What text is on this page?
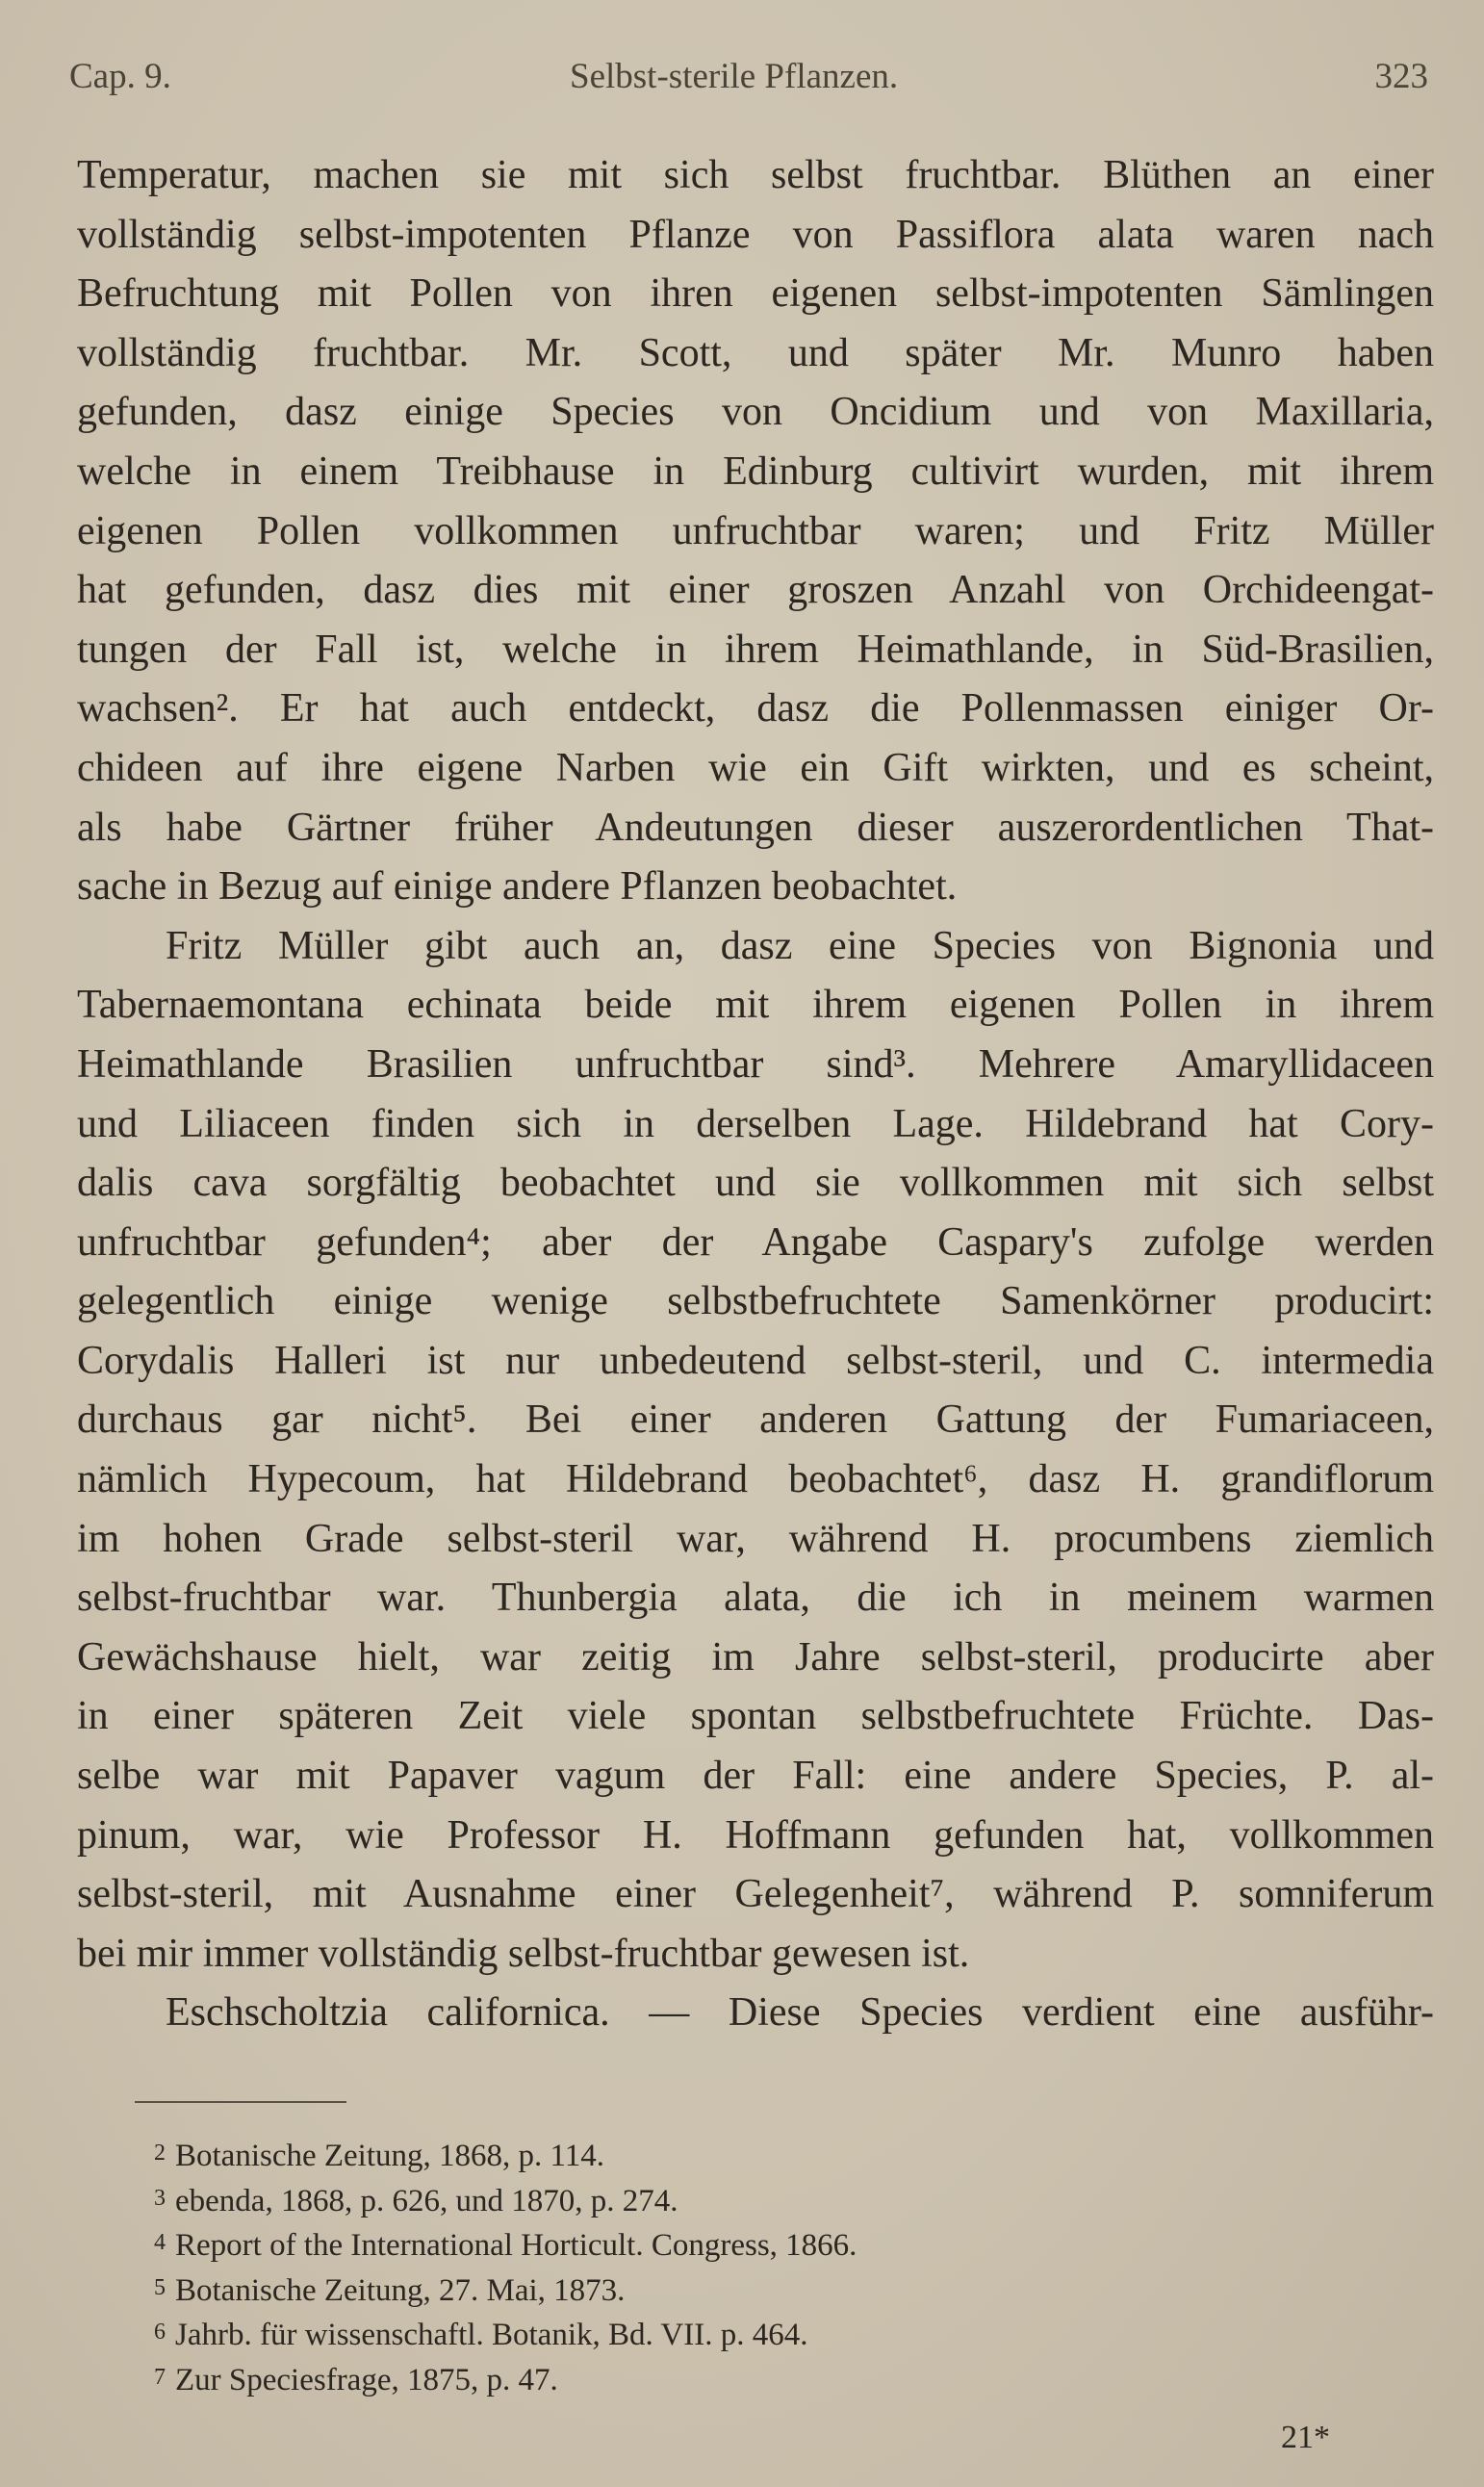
Cap. 9.	Selbst-sterile Pflanzen.	323
Temperatur, machen sie mit sich selbst fruchtbar. Blüthen an einer
vollständig selbst-impotenten Pflanze von Passiflora alata waren nach
Befruchtung mit Pollen von ihren eigenen selbst-impotenten Sämlingen
vollständig fruchtbar. Mr. Scott, und später Mr. Munro haben
gefunden, dasz einige Species von Oncidium und von Maxillaria,
welche in einem Treibhause in Edinburg cultivirt wurden, mit ihrem
eigenen Pollen vollkommen unfruchtbar waren; und Fritz Müller
hat gefunden, dasz dies mit einer groszen Anzahl von Orchideengat-
tungen der Fall ist, welche in ihrem Heimathlande, in Süd-Brasilien,
wachsen². Er hat auch entdeckt, dasz die Pollenmassen einiger Or-
chideen auf ihre eigene Narben wie ein Gift wirkten, und es scheint,
als habe Gärtner früher Andeutungen dieser auszerordentlichen That-
sache in Bezug auf einige andere Pflanzen beobachtet.
Fritz Müller gibt auch an, dasz eine Species von Bignonia und
Tabernaemontana echinata beide mit ihrem eigenen Pollen in ihrem
Heimathlande Brasilien unfruchtbar sind³. Mehrere Amaryllidaceen
und Liliaceen finden sich in derselben Lage. Hildebrand hat Cory-
dalis cava sorgfältig beobachtet und sie vollkommen mit sich selbst
unfruchtbar gefunden⁴; aber der Angabe Caspary's zufolge werden
gelegentlich einige wenige selbstbefruchtete Samenkörner producirt:
Corydalis Halleri ist nur unbedeutend selbst-steril, und C. intermedia
durchaus gar nicht⁵. Bei einer anderen Gattung der Fumariaceen,
nämlich Hypecoum, hat Hildebrand beobachtet⁶, dasz H. grandiflorum
im hohen Grade selbst-steril war, während H. procumbens ziemlich
selbst-fruchtbar war. Thunbergia alata, die ich in meinem warmen
Gewächshause hielt, war zeitig im Jahre selbst-steril, producirte aber
in einer späteren Zeit viele spontan selbstbefruchtete Früchte. Das-
selbe war mit Papaver vagum der Fall: eine andere Species, P. al-
pinum, war, wie Professor H. Hoffmann gefunden hat, vollkommen
selbst-steril, mit Ausnahme einer Gelegenheit⁷, während P. somniferum
bei mir immer vollständig selbst-fruchtbar gewesen ist.
Eschscholtzia californica. — Diese Species verdient eine ausführ-
$^2$ Botanische Zeitung, 1868, p. 114.
$^3$ ebenda, 1868, p. 626, und 1870, p. 274.
$^4$ Report of the International Horticult. Congress, 1866.
$^5$ Botanische Zeitung, 27. Mai, 1873.
$^6$ Jahrb. für wissenschaftl. Botanik, Bd. VII. p. 464.
$^7$ Zur Speciesfrage, 1875, p. 47.
21*
